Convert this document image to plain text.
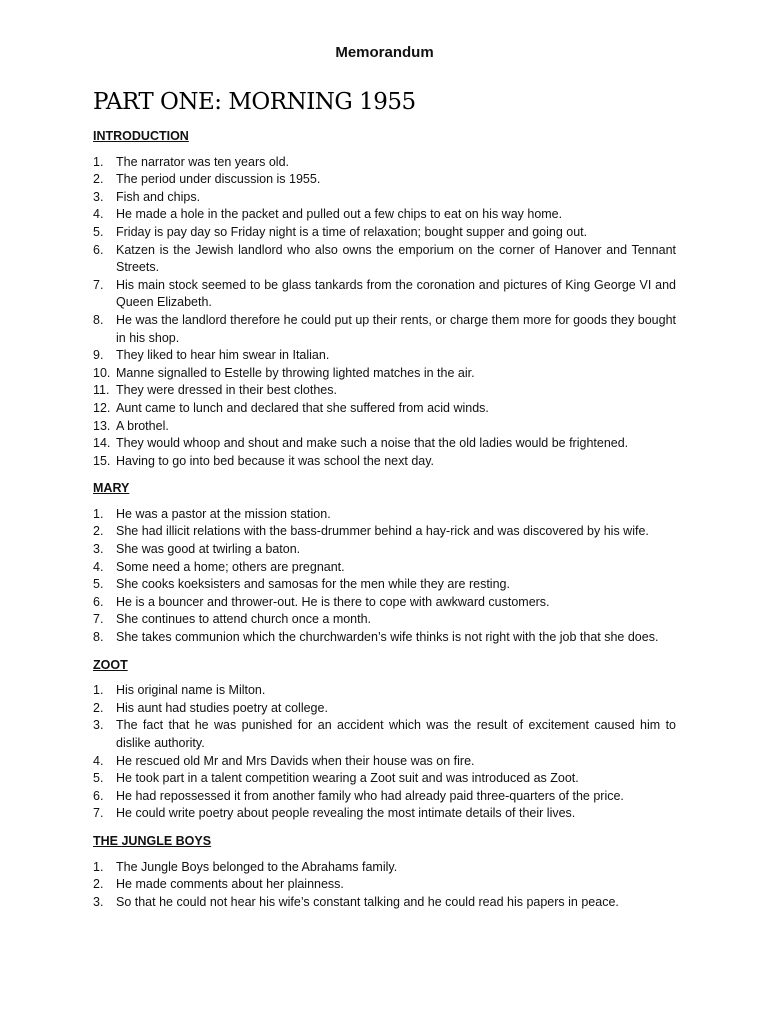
Memorandum
PART ONE: MORNING 1955
INTRODUCTION
1.	The narrator was ten years old.
2.	The period under discussion is 1955.
3.	Fish and chips.
4.	He made a hole in the packet and pulled out a few chips to eat on his way home.
5.	Friday is pay day so Friday night is a time of relaxation; bought supper and going out.
6.	Katzen is the Jewish landlord who also owns the emporium on the corner of Hanover and Tennant Streets.
7.	His main stock seemed to be glass tankards from the coronation and pictures of King George VI and Queen Elizabeth.
8.	He was the landlord therefore he could put up their rents, or charge them more for goods they bought in his shop.
9.	They liked to hear him swear in Italian.
10. Manne signalled to Estelle by throwing lighted matches in the air.
11. They were dressed in their best clothes.
12. Aunt came to lunch and declared that she suffered from acid winds.
13. A brothel.
14. They would whoop and shout and make such a noise that the old ladies would be frightened.
15. Having to go into bed because it was school the next day.
MARY
1.	He was a pastor at the mission station.
2.	She had illicit relations with the bass-drummer behind a hay-rick and was discovered by his wife.
3.	She was good at twirling a baton.
4.	Some need a home; others are pregnant.
5.	She cooks koeksisters and samosas for the men while they are resting.
6.	He is a bouncer and thrower-out. He is there to cope with awkward customers.
7.	She continues to attend church once a month.
8.	She takes communion which the churchwarden’s wife thinks is not right with the job that she does.
ZOOT
1.	His original name is Milton.
2.	His aunt had studies poetry at college.
3.	The fact that he was punished for an accident which was the result of excitement caused him to dislike authority.
4.	He rescued old Mr and Mrs Davids when their house was on fire.
5.	He took part in a talent competition wearing a Zoot suit and was introduced as Zoot.
6.	He had repossessed it from another family who had already paid three-quarters of the price.
7.	He could write poetry about people revealing the most intimate details of their lives.
THE JUNGLE BOYS
1.	The Jungle Boys belonged to the Abrahams family.
2.	He made comments about her plainness.
3.	So that he could not hear his wife’s constant talking and he could read his papers in peace.
